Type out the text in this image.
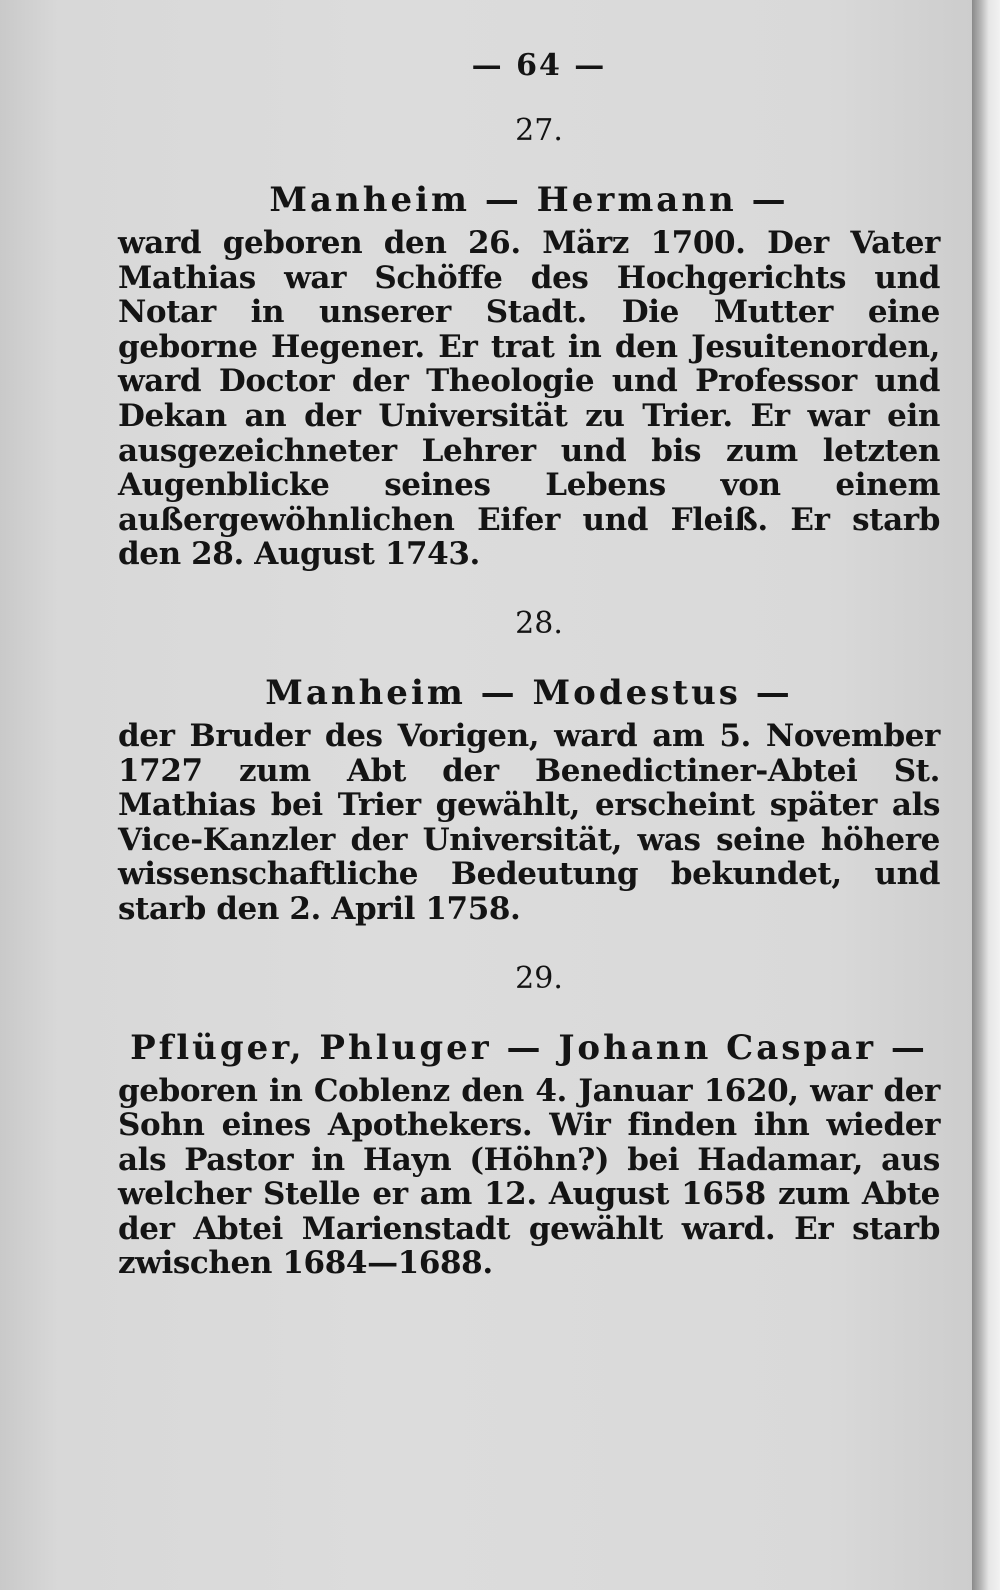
— 64 —
27.
Manheim — Hermann —
ward geboren den 26. März 1700. Der Vater Mathias war Schöffe des Hochgerichts und Notar in unserer Stadt. Die Mutter eine geborne Hegener. Er trat in den Jesuitenorden, ward Doctor der Theologie und Professor und Dekan an der Universität zu Trier. Er war ein ausgezeichneter Lehrer und bis zum letzten Augenblicke seines Lebens von einem außergewöhnlichen Eifer und Fleiß. Er starb den 28. August 1743.
28.
Manheim — Modestus —
der Bruder des Vorigen, ward am 5. November 1727 zum Abt der Benedictiner-Abtei St. Mathias bei Trier gewählt, erscheint später als Vice-Kanzler der Universität, was seine höhere wissenschaftliche Bedeutung bekundet, und starb den 2. April 1758.
29.
Pflüger, Phluger — Johann Caspar —
geboren in Coblenz den 4. Januar 1620, war der Sohn eines Apothekers. Wir finden ihn wieder als Pastor in Hayn (Höhn?) bei Hadamar, aus welcher Stelle er am 12. August 1658 zum Abte der Abtei Marienstadt gewählt ward. Er starb zwischen 1684—1688.
